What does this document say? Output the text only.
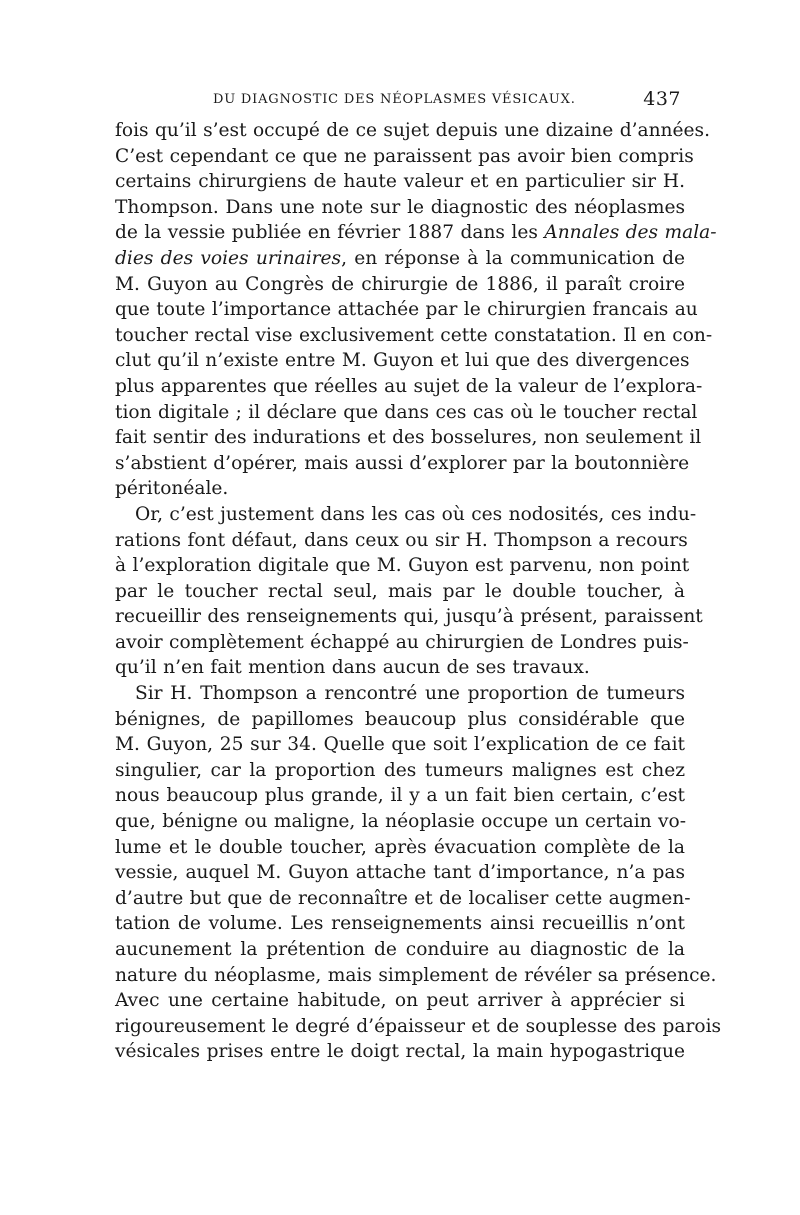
DU DIAGNOSTIC DES NÉOPLASMES VÉSICAUX.	437
fois qu’il s’est occupé de ce sujet depuis une dizaine d’années.
C’est cependant ce que ne paraissent pas avoir bien compris
certains chirurgiens de haute valeur et en particulier sir H.
Thompson. Dans une note sur le diagnostic des néoplasmes
de la vessie publiée en février 1887 dans les Annales des mala-
dies des voies urinaires, en réponse à la communication de
M. Guyon au Congrès de chirurgie de 1886, il paraît croire
que toute l’importance attachée par le chirurgien francais au
toucher rectal vise exclusivement cette constatation. Il en con-
clut qu’il n’existe entre M. Guyon et lui que des divergences
plus apparentes que réelles au sujet de la valeur de l’explora-
tion digitale ; il déclare que dans ces cas où le toucher rectal
fait sentir des indurations et des bosselures, non seulement il
s’abstient d’opérer, mais aussi d’explorer par la boutonnière
péritonéale.
Or, c’est justement dans les cas où ces nodosités, ces indu-
rations font défaut, dans ceux ou sir H. Thompson a recours
à l’exploration digitale que M. Guyon est parvenu, non point
par le toucher rectal seul, mais par le double toucher, à
recueillir des renseignements qui, jusqu’à présent, paraissent
avoir complètement échappé au chirurgien de Londres puis-
qu’il n’en fait mention dans aucun de ses travaux.
Sir H. Thompson a rencontré une proportion de tumeurs
bénignes, de papillomes beaucoup plus considérable que
M. Guyon, 25 sur 34. Quelle que soit l’explication de ce fait
singulier, car la proportion des tumeurs malignes est chez
nous beaucoup plus grande, il y a un fait bien certain, c’est
que, bénigne ou maligne, la néoplasie occupe un certain vo-
lume et le double toucher, après évacuation complète de la
vessie, auquel M. Guyon attache tant d’importance, n’a pas
d’autre but que de reconnaître et de localiser cette augmen-
tation de volume. Les renseignements ainsi recueillis n’ont
aucunement la prétention de conduire au diagnostic de la
nature du néoplasme, mais simplement de révéler sa présence.
Avec une certaine habitude, on peut arriver à apprécier si
rigoureusement le degré d’épaisseur et de souplesse des parois
vésicales prises entre le doigt rectal, la main hypogastrique
